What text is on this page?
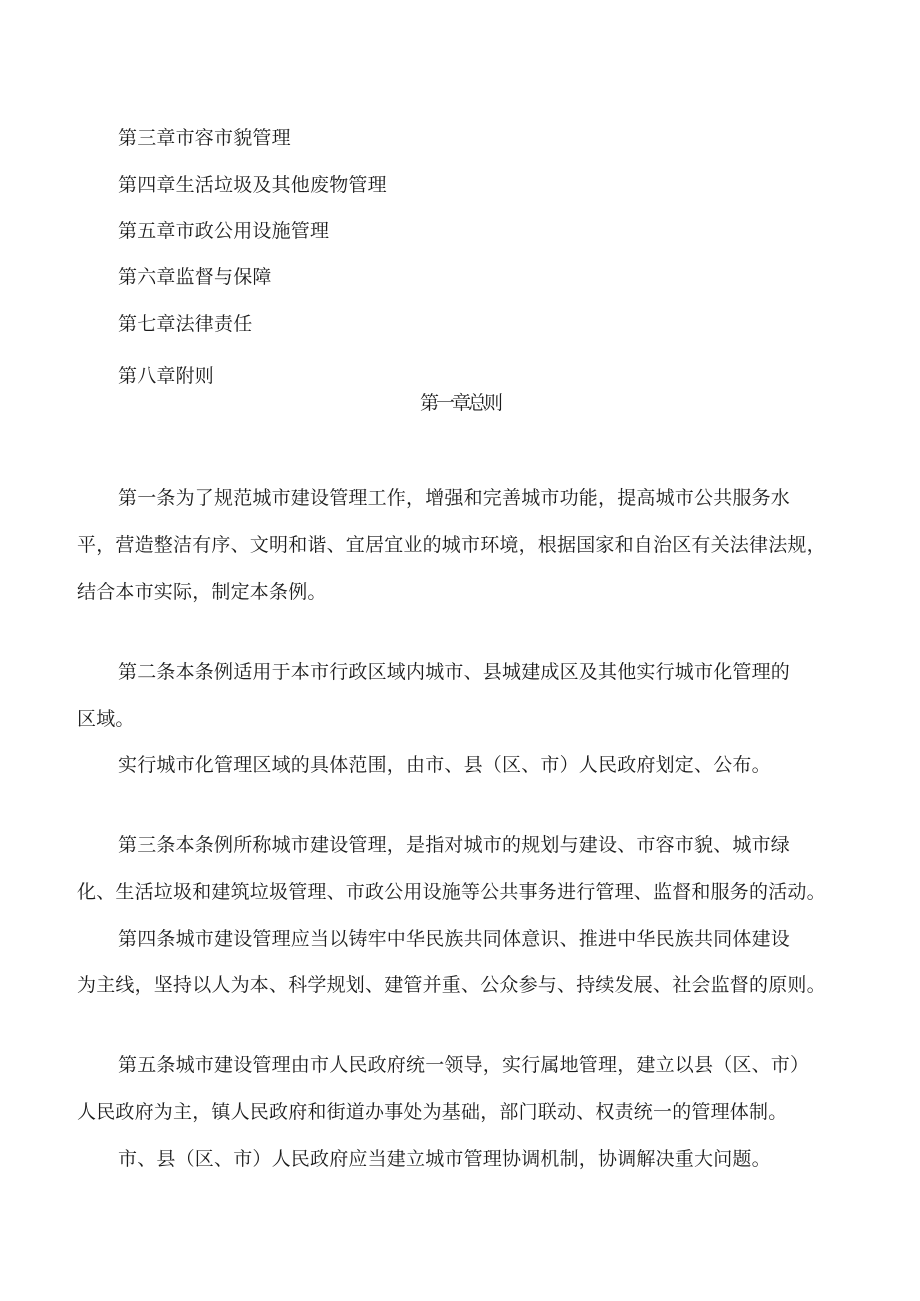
第三章市容市貌管理
第四章生活垃圾及其他废物管理
第五章市政公用设施管理
第六章监督与保障
第七章法律责任
第八章附则
第一章总则
第一条为了规范城市建设管理工作，增强和完善城市功能，提高城市公共服务水
平，营造整洁有序、文明和谐、宜居宜业的城市环境，根据国家和自治区有关法律法规，
结合本市实际，制定本条例。
第二条本条例适用于本市行政区域内城市、县城建成区及其他实行城市化管理的
区域。
实行城市化管理区域的具体范围，由市、县（区、市）人民政府划定、公布。
第三条本条例所称城市建设管理，是指对城市的规划与建设、市容市貌、城市绿
化、生活垃圾和建筑垃圾管理、市政公用设施等公共事务进行管理、监督和服务的活动。
第四条城市建设管理应当以铸牢中华民族共同体意识、推进中华民族共同体建设
为主线，坚持以人为本、科学规划、建管并重、公众参与、持续发展、社会监督的原则。
第五条城市建设管理由市人民政府统一领导，实行属地管理，建立以县（区、市）
人民政府为主，镇人民政府和街道办事处为基础，部门联动、权责统一的管理体制。
市、县（区、市）人民政府应当建立城市管理协调机制，协调解决重大问题。
